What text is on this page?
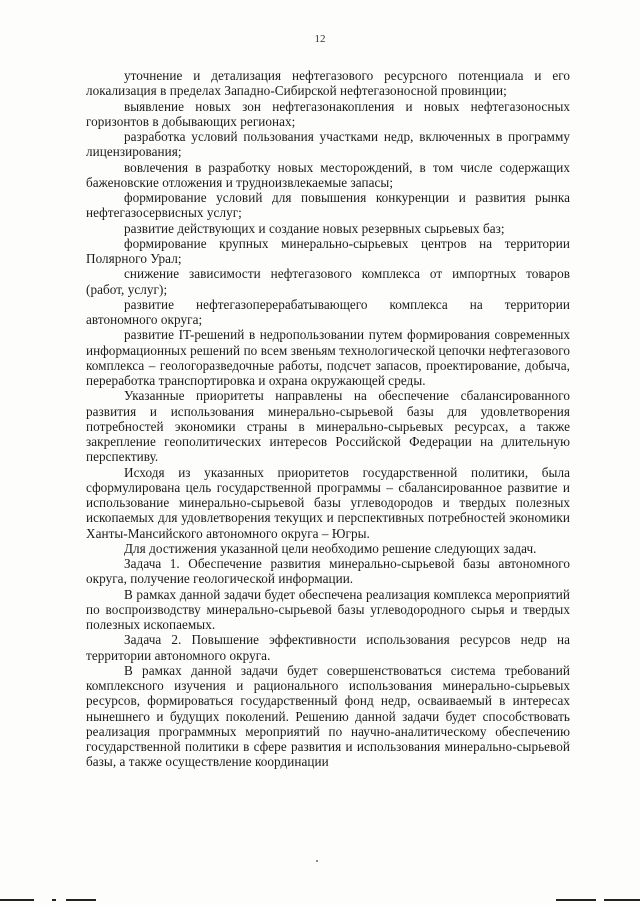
12

уточнение и детализация нефтегазового ресурсного потенциала и его локализация в пределах Западно-Сибирской нефтегазоносной провинции;

выявление новых зон нефтегазонакопления и новых нефтегазоносных горизонтов в добывающих регионах;

разработка условий пользования участками недр, включенных в программу лицензирования;

вовлечения в разработку новых месторождений, в том числе содержащих баженовские отложения и трудноизвлекаемые запасы;

формирование условий для повышения конкуренции и развития рынка нефтегазосервисных услуг;

развитие действующих и создание новых резервных сырьевых баз;

формирование крупных минерально-сырьевых центров на территории Полярного Урал;

снижение зависимости нефтегазового комплекса от импортных товаров (работ, услуг);

развитие нефтегазоперерабатывающего комплекса на территории автономного округа;

развитие IT-решений в недропользовании путем формирования современных информационных решений по всем звеньям технологической цепочки нефтегазового комплекса – геологоразведочные работы, подсчет запасов, проектирование, добыча, переработка транспортировка и охрана окружающей среды.

Указанные приоритеты направлены на обеспечение сбалансированного развития и использования минерально-сырьевой базы для удовлетворения потребностей экономики страны в минерально-сырьевых ресурсах, а также закрепление геополитических интересов Российской Федерации на длительную перспективу.

Исходя из указанных приоритетов государственной политики, была сформулирована цель государственной программы – сбалансированное развитие и использование минерально-сырьевой базы углеводородов и твердых полезных ископаемых для удовлетворения текущих и перспективных потребностей экономики Ханты-Мансийского автономного округа – Югры.

Для достижения указанной цели необходимо решение следующих задач.

Задача 1. Обеспечение развития минерально-сырьевой базы автономного округа, получение геологической информации.

В рамках данной задачи будет обеспечена реализация комплекса мероприятий по воспроизводству минерально-сырьевой базы углеводородного сырья и твердых полезных ископаемых.

Задача 2. Повышение эффективности использования ресурсов недр на территории автономного округа.

В рамках данной задачи будет совершенствоваться система требований комплексного изучения и рационального использования минерально-сырьевых ресурсов, формироваться государственный фонд недр, осваиваемый в интересах нынешнего и будущих поколений. Решению данной задачи будет способствовать реализация программных мероприятий по научно-аналитическому обеспечению государственной политики в сфере развития и использования минерально-сырьевой базы, а также осуществление координации
